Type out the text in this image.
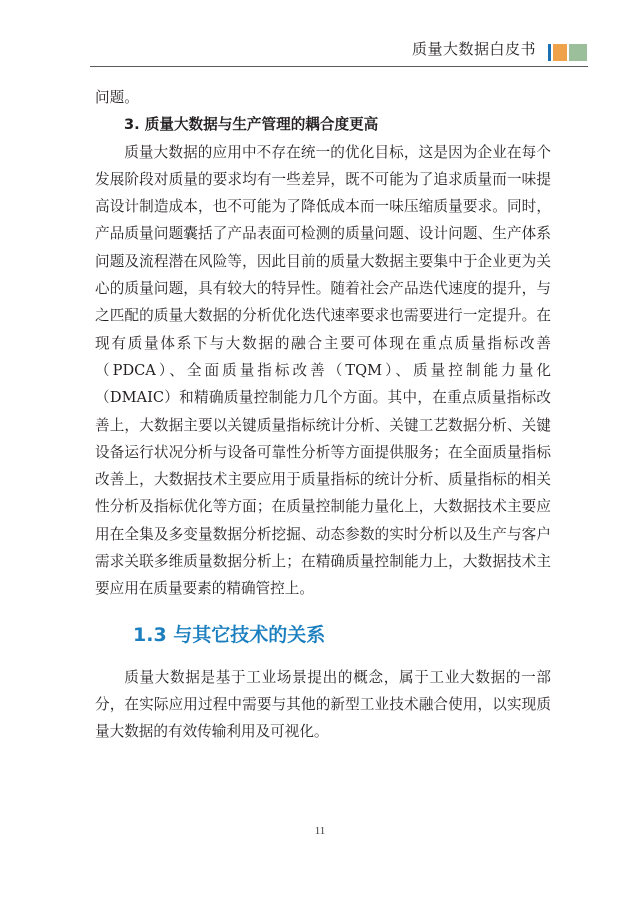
质量大数据白皮书

问题。

3. 质量大数据与生产管理的耦合度更高

质量大数据的应用中不存在统一的优化目标，这是因为企业在每个发展阶段对质量的要求均有一些差异，既不可能为了追求质量而一味提高设计制造成本，也不可能为了降低成本而一味压缩质量要求。同时，产品质量问题囊括了产品表面可检测的质量问题、设计问题、生产体系问题及流程潜在风险等，因此目前的质量大数据主要集中于企业更为关心的质量问题，具有较大的特异性。随着社会产品迭代速度的提升，与之匹配的质量大数据的分析优化迭代速率要求也需要进行一定提升。在现有质量体系下与大数据的融合主要可体现在重点质量指标改善（PDCA）、全面质量指标改善（TQM）、质量控制能力量化（DMAIC）和精确质量控制能力几个方面。其中，在重点质量指标改善上，大数据主要以关键质量指标统计分析、关键工艺数据分析、关键设备运行状况分析与设备可靠性分析等方面提供服务；在全面质量指标改善上，大数据技术主要应用于质量指标的统计分析、质量指标的相关性分析及指标优化等方面；在质量控制能力量化上，大数据技术主要应用在全集及多变量数据分析挖掘、动态参数的实时分析以及生产与客户需求关联多维质量数据分析上；在精确质量控制能力上，大数据技术主要应用在质量要素的精确管控上。

1.3 与其它技术的关系

质量大数据是基于工业场景提出的概念，属于工业大数据的一部分，在实际应用过程中需要与其他的新型工业技术融合使用，以实现质量大数据的有效传输利用及可视化。

11
